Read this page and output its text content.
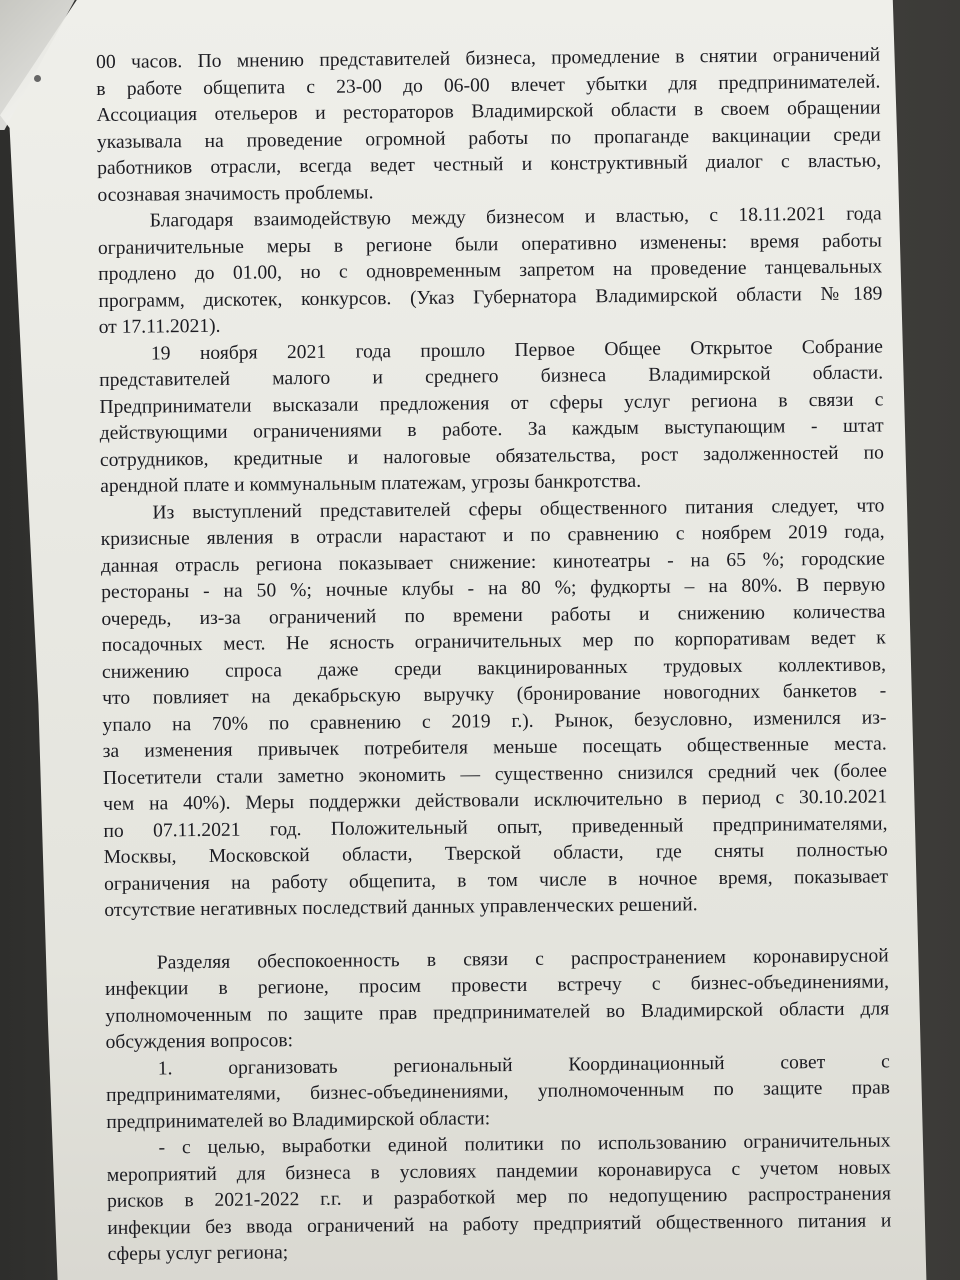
00 часов. По мнению представителей бизнеса, промедление в снятии ограничений
в работе общепита с 23-00 до 06-00 влечет убытки для предпринимателей.
Ассоциация отельеров и рестораторов Владимирской области в своем обращении
указывала на проведение огромной работы по пропаганде вакцинации среди
работников отрасли, всегда ведет честный и конструктивный диалог с властью,
осознавая значимость проблемы.
Благодаря взаимодействую между бизнесом и властью, с 18.11.2021 года
ограничительные меры в регионе были оперативно изменены: время работы
продлено до 01.00, но с одновременным запретом на проведение танцевальных
программ, дискотек, конкурсов. (Указ Губернатора Владимирской области №189
от 17.11.2021).
19 ноября 2021 года прошло Первое Общее Открытое Собрание
представителей малого и среднего бизнеса Владимирской области.
Предприниматели высказали предложения от сферы услуг региона в связи с
действующими ограничениями в работе. За каждым выступающим - штат
сотрудников, кредитные и налоговые обязательства, рост задолженностей по
арендной плате и коммунальным платежам, угрозы банкротства.
Из выступлений представителей сферы общественного питания следует, что
кризисные явления в отрасли нарастают и по сравнению с ноябрем 2019 года,
данная отрасль региона показывает снижение: кинотеатры - на 65 %; городские
рестораны - на 50 %; ночные клубы - на 80 %; фудкорты – на 80%. В первую
очередь, из-за ограничений по времени работы и снижению количества
посадочных мест. Не ясность ограничительных мер по корпоративам ведет к
снижению спроса даже среди вакцинированных трудовых коллективов,
что повлияет на декабрьскую выручку (бронирование новогодних банкетов -
упало на 70% по сравнению с 2019 г.). Рынок, безусловно, изменился из-
за изменения привычек потребителя меньше посещать общественные места.
Посетители стали заметно экономить — существенно снизился средний чек (более
чем на 40%). Меры поддержки действовали исключительно в период с 30.10.2021
по 07.11.2021 год. Положительный опыт, приведенный предпринимателями,
Москвы, Московской области, Тверской области, где сняты полностью
ограничения на работу общепита, в том числе в ночное время, показывает
отсутствие негативных последствий данных управленческих решений.
Разделяя обеспокоенность в связи с распространением коронавирусной
инфекции в регионе, просим провести встречу с бизнес-объединениями,
уполномоченным по защите прав предпринимателей во Владимирской области для
обсуждения вопросов:
1. организовать региональный Координационный совет с
предпринимателями, бизнес-объединениями, уполномоченным по защите прав
предпринимателей во Владимирской области:
- с целью, выработки единой политики по использованию ограничительных
мероприятий для бизнеса в условиях пандемии коронавируса с учетом новых
рисков в 2021-2022 г.г. и разработкой мер по недопущению распространения
инфекции без ввода ограничений на работу предприятий общественного питания и
сферы услуг региона;
